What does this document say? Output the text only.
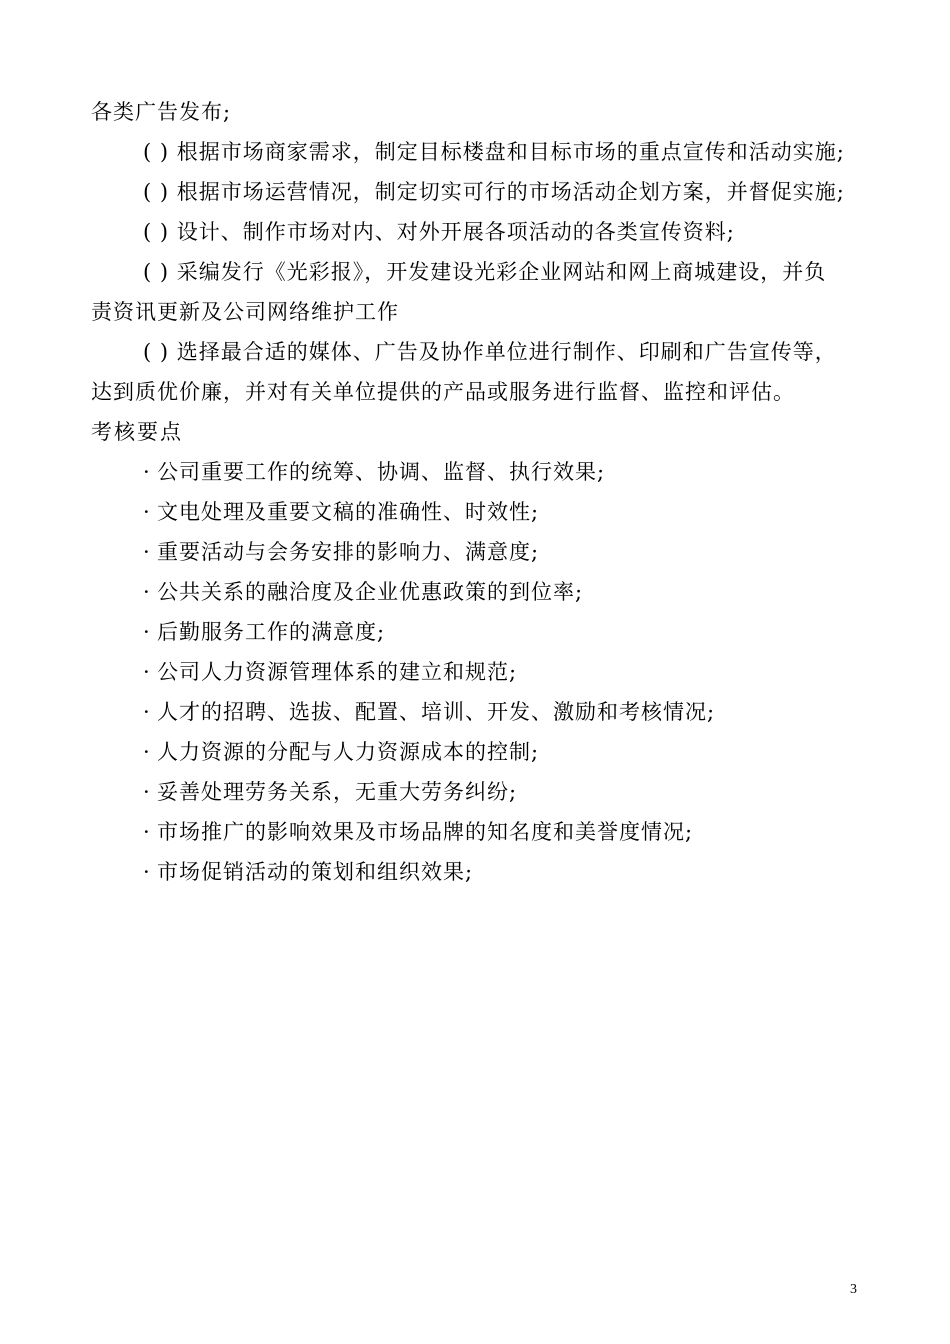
各类广告发布;
( ) 根据市场商家需求，制定目标楼盘和目标市场的重点宣传和活动实施;
( ) 根据市场运营情况，制定切实可行的市场活动企划方案，并督促实施;
( ) 设计、制作市场对内、对外开展各项活动的各类宣传资料;
( ) 采编发行《光彩报》，开发建设光彩企业网站和网上商城建设，并负
责资讯更新及公司网络维护工作
( ) 选择最合适的媒体、广告及协作单位进行制作、印刷和广告宣传等，
达到质优价廉，并对有关单位提供的产品或服务进行监督、监控和评估。
考核要点
· 公司重要工作的统筹、协调、监督、执行效果;
· 文电处理及重要文稿的准确性、时效性;
· 重要活动与会务安排的影响力、满意度;
· 公共关系的融洽度及企业优惠政策的到位率;
· 后勤服务工作的满意度;
· 公司人力资源管理体系的建立和规范;
· 人才的招聘、选拔、配置、培训、开发、激励和考核情况;
· 人力资源的分配与人力资源成本的控制;
· 妥善处理劳务关系，无重大劳务纠纷;
· 市场推广的影响效果及市场品牌的知名度和美誉度情况;
· 市场促销活动的策划和组织效果;
3
